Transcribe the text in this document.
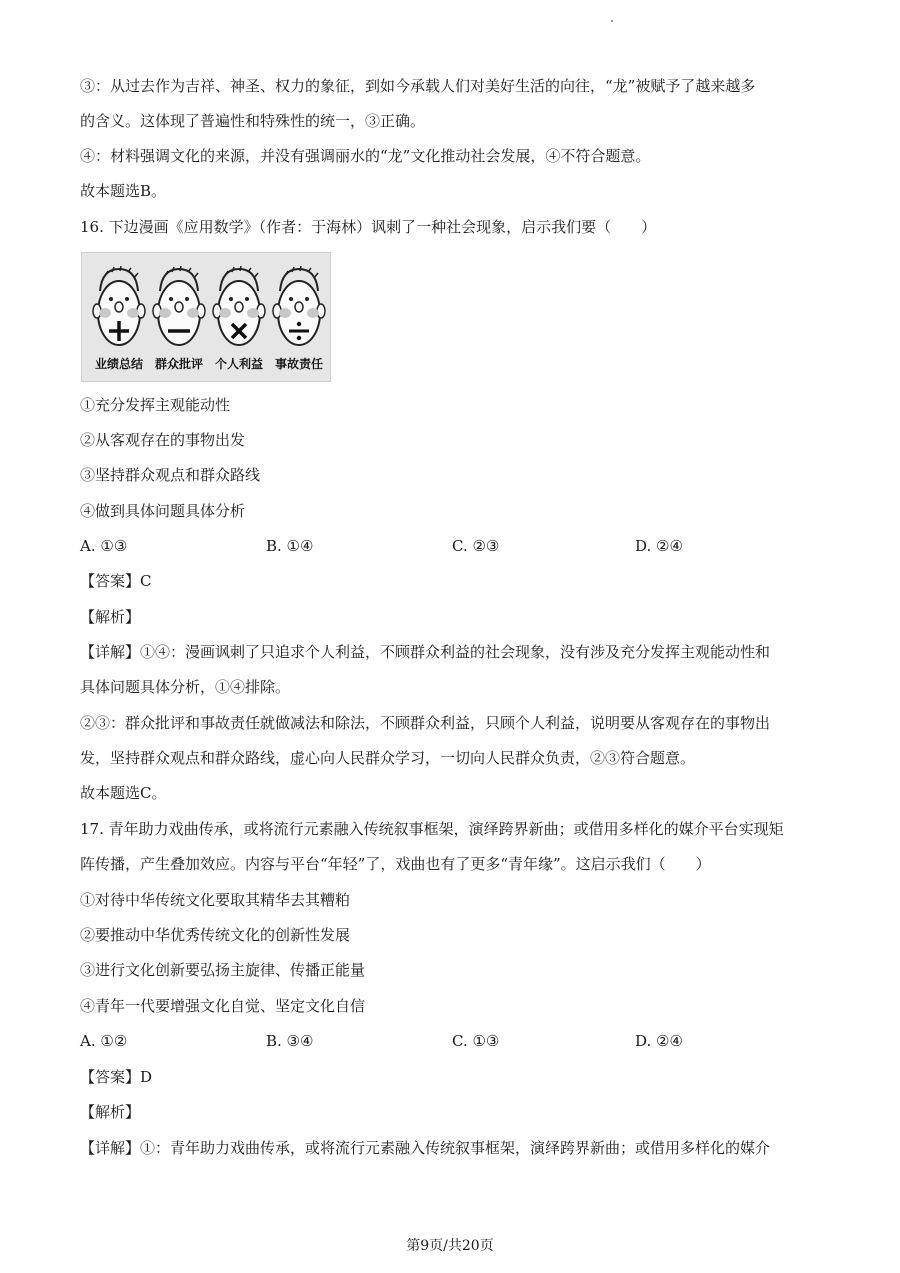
③：从过去作为吉祥、神圣、权力的象征，到如今承载人们对美好生活的向往，“龙”被赋予了越来越多
的含义。这体现了普遍性和特殊性的统一，③正确。
④：材料强调文化的来源，并没有强调丽水的“龙”文化推动社会发展，④不符合题意。
故本题选B。
16. 下边漫画《应用数学》（作者：于海林）讽刺了一种社会现象，启示我们要（　　）
业绩总结 群众批评 个人利益 事故责任
①充分发挥主观能动性
②从客观存在的事物出发
③坚持群众观点和群众路线
④做到具体问题具体分析
A. ①③	B. ①④	C. ②③	D. ②④
【答案】C
【解析】
【详解】①④：漫画讽刺了只追求个人利益，不顾群众利益的社会现象，没有涉及充分发挥主观能动性和
具体问题具体分析，①④排除。
②③：群众批评和事故责任就做减法和除法，不顾群众利益，只顾个人利益，说明要从客观存在的事物出
发，坚持群众观点和群众路线，虚心向人民群众学习，一切向人民群众负责，②③符合题意。
故本题选C。
17. 青年助力戏曲传承，或将流行元素融入传统叙事框架，演绎跨界新曲；或借用多样化的媒介平台实现矩
阵传播，产生叠加效应。内容与平台“年轻”了，戏曲也有了更多“青年缘”。这启示我们（　　）
①对待中华传统文化要取其精华去其糟粕
②要推动中华优秀传统文化的创新性发展
③进行文化创新要弘扬主旋律、传播正能量
④青年一代要增强文化自觉、坚定文化自信
A. ①②	B. ③④	C. ①③	D. ②④
【答案】D
【解析】
【详解】①：青年助力戏曲传承，或将流行元素融入传统叙事框架，演绎跨界新曲；或借用多样化的媒介
第9页/共20页
